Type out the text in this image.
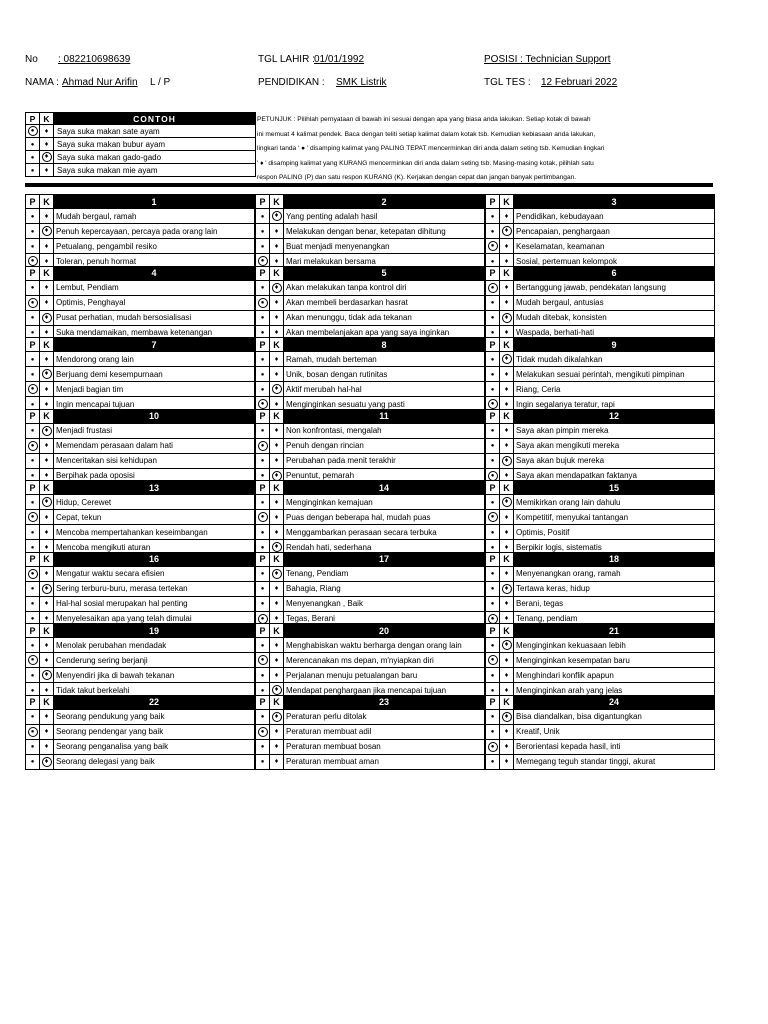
No : 082210698639	TGL LAHIR : 01/01/1992	POSISI : Technician Support
NAMA : Ahmad Nur Arifin L / P	PENDIDIKAN : SMK Listrik	TGL TES : 12 Februari 2022
P	K	CONTOH
●	♦	Saya suka makan sate ayam
●	♦	Saya suka makan bubur ayam
●	♦	Saya suka makan gado-gado
●	♦	Saya suka makan mie ayam
PETUNJUK : Pilihlah pernyataan di bawah ini sesuai dengan apa yang biasa anda lakukan. Setiap kotak di bawah
ini memuat 4 kalimat pendek. Baca dengan teliti setiap kalimat dalam kotak tsb. Kemudian kebiasaan anda lakukan,
lingkari tanda ' ● ' disamping kalimat yang PALING TEPAT mencerminkan diri anda dalam seting tsb. Kemudian lingkari
' ♦ ' disamping kalimat yang KURANG mencerminkan diri anda dalam seting tsb. Masing-masing kotak, pilihlah satu
respon PALING (P) dan satu respon KURANG (K). Kerjakan dengan cepat dan jangan banyak pertimbangan.
P	K	1
●	♦	Mudah bergaul, ramah
●	♦	Penuh kepercayaan, percaya pada orang lain
●	♦	Petualang, pengambil resiko
●	♦	Toleran, penuh hormat
P	K	2
●	♦	Yang penting adalah hasil
●	♦	Melakukan dengan benar, ketepatan dihitung
●	♦	Buat menjadi menyenangkan
●	♦	Mari melakukan bersama
P	K	3
●	♦	Pendidikan, kebudayaan
●	♦	Pencapaian, penghargaan
●	♦	Keselamatan, keamanan
●	♦	Sosial, pertemuan kelompok
P	K	4
●	♦	Lembut, Pendiam
●	♦	Optimis, Penghayal
●	♦	Pusat perhatian, mudah bersosialisasi
●	♦	Suka mendamaikan, membawa ketenangan
P	K	5
●	♦	Akan melakukan tanpa kontrol diri
●	♦	Akan membeli berdasarkan hasrat
●	♦	Akan menunggu, tidak ada tekanan
●	♦	Akan membelanjakan apa yang saya inginkan
P	K	6
●	♦	Bertanggung jawab, pendekatan langsung
●	♦	Mudah bergaul, antusias
●	♦	Mudah ditebak, konsisten
●	♦	Waspada, berhati-hati
P	K	7
●	♦	Mendorong orang lain
●	♦	Berjuang demi kesempurnaan
●	♦	Menjadi bagian tim
●	♦	Ingin mencapai tujuan
P	K	8
●	♦	Ramah, mudah berteman
●	♦	Unik, bosan dengan rutinitas
●	♦	Aktif merubah hal-hal
●	♦	Menginginkan sesuatu yang pasti
P	K	9
●	♦	Tidak mudah dikalahkan
●	♦	Melakukan sesuai perintah, mengikuti pimpinan
●	♦	Riang, Ceria
●	♦	Ingin segalanya teratur, rapi
P	K	10
●	♦	Menjadi frustasi
●	♦	Memendam perasaan dalam hati
●	♦	Menceritakan sisi kehidupan
●	♦	Berpihak pada oposisi
P	K	11
●	♦	Non konfrontasi, mengalah
●	♦	Penuh dengan rincian
●	♦	Perubahan pada menit terakhir
●	♦	Penuntut, pemarah
P	K	12
●	♦	Saya akan pimpin mereka
●	♦	Saya akan mengikuti mereka
●	♦	Saya akan bujuk mereka
●	♦	Saya akan mendapatkan faktanya
P	K	13
●	♦	Hidup, Cerewet
●	♦	Cepat, tekun
●	♦	Mencoba mempertahankan keseimbangan
●	♦	Mencoba mengikuti aturan
P	K	14
●	♦	Menginginkan kemajuan
●	♦	Puas dengan beberapa hal, mudah puas
●	♦	Menggambarkan perasaan secara terbuka
●	♦	Rendah hati, sederhana
P	K	15
●	♦	Memikirkan orang lain dahulu
●	♦	Kompetitif, menyukai tantangan
●	♦	Optimis, Positif
●	♦	Berpikir logis, sistematis
P	K	16
●	♦	Mengatur waktu secara efisien
●	♦	Sering terburu-buru, merasa tertekan
●	♦	Hal-hal sosial merupakan hal penting
●	♦	Menyelesaikan apa yang telah dimulai
P	K	17
●	♦	Tenang, Pendiam
●	♦	Bahagia, Riang
●	♦	Menyenangkan , Baik
●	♦	Tegas, Berani
P	K	18
●	♦	Menyenangkan orang, ramah
●	♦	Tertawa keras, hidup
●	♦	Berani, tegas
●	♦	Tenang, pendiam
P	K	19
●	♦	Menolak perubahan mendadak
●	♦	Cenderung sering berjanji
●	♦	Menyendiri jika di bawah tekanan
●	♦	Tidak takut berkelahi
P	K	20
●	♦	Menghabiskan waktu berharga dengan orang lain
●	♦	Merencanakan ms depan, m'nyiapkan diri
●	♦	Perjalanan menuju petualangan baru
●	♦	Mendapat penghargaan jika mencapai tujuan
P	K	21
●	♦	Menginginkan kekuasaan lebih
●	♦	Menginginkan kesempatan baru
●	♦	Menghindari konflik apapun
●	♦	Menginginkan arah yang jelas
P	K	22
●	♦	Seorang pendukung yang baik
●	♦	Seorang pendengar yang baik
●	♦	Seorang penganalisa yang baik
●	♦	Seorang delegasi yang baik
P	K	23
●	♦	Peraturan perlu ditolak
●	♦	Peraturan membuat adil
●	♦	Peraturan membuat bosan
●	♦	Peraturan membuat aman
P	K	24
●	♦	Bisa diandalkan, bisa digantungkan
●	♦	Kreatif, Unik
●	♦	Berorientasi kepada hasil, inti
●	♦	Memegang teguh standar tinggi, akurat
